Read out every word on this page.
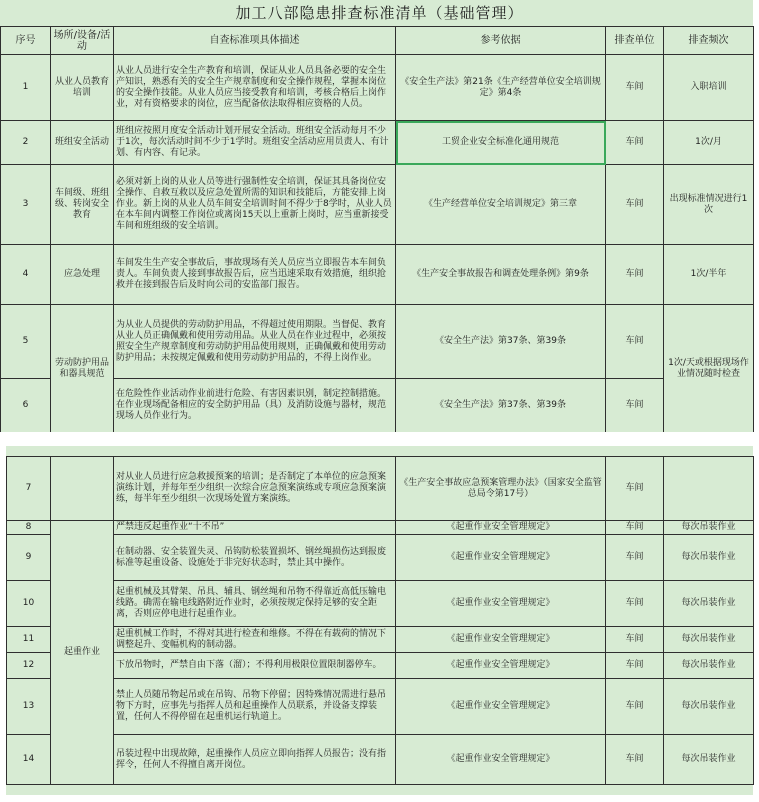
加工八部隐患排查标准清单（基础管理）
序号	场所/设备/活动	自查标准项具体描述	参考依据	排查单位	排查频次
1	从业人员教育培训	从业人员进行安全生产教育和培训，保证从业人员具备必要的安全生产知识，熟悉有关的安全生产规章制度和安全操作规程，掌握本岗位的安全操作技能。从业人员应当接受教育和培训，考核合格后上岗作业，对有资格要求的岗位，应当配备依法取得相应资格的人员。	《安全生产法》第21条《生产经营单位安全培训规定》第4条	车间	入职培训
2	班组安全活动	班组应按照月度安全活动计划开展安全活动。班组安全活动每月不少于1次，每次活动时间不少于1学时。班组安全活动应用员责人、有计划、有内容、有记录。	工贸企业安全标准化通用规范	车间	1次/月
3	车间级、班组级、转岗安全教育	必须对新上岗的从业人员等进行强制性安全培训，保证其具备岗位安全操作、自救互救以及应急处置所需的知识和技能后，方能安排上岗作业。新上岗的从业人员车间安全培训时间不得少于8学时，从业人员在本车间内调整工作岗位或离岗15天以上重新上岗时，应当重新接受车间和班组级的安全培训。	《生产经营单位安全培训规定》第三章	车间	出现标准情况进行1次
4	应急处理	车间发生生产安全事故后，事故现场有关人员应当立即报告本车间负责人。车间负责人接到事故报告后，应当迅速采取有效措施，组织抢救并在接到报告后及时向公司的安监部门报告。	《生产安全事故报告和调查处理条例》第9条	车间	1次/半年
5	劳动防护用品和器具规范	为从业人员提供的劳动防护用品，不得超过使用期限。当督促、教育从业人员正确佩戴和使用劳动用品。从业人员在作业过程中，必须按照安全生产规章制度和劳动防护用品使用规则，正确佩戴和使用劳动防护用品；未按规定佩戴和使用劳动防护用品的，不得上岗作业。	《安全生产法》第37条、第39条	车间	1次/天或根据现场作业情况随时检查
6		在危险性作业活动作业前进行危险、有害因素识别，制定控制措施。在作业现场配备相应的安全防护用品（具）及消防设施与器材，规范现场人员作业行为。	《安全生产法》第37条、第39条	车间	
7		对从业人员进行应急救援预案的培训；是否制定了本单位的应急预案演练计划，并每年至少组织一次综合应急预案演练或专项应急预案演练，每半年至少组织一次现场处置方案演练。	《生产安全事故应急预案管理办法》（国家安全监管总局令第17号）	车间	
8	起重作业	严禁违反起重作业“十不吊”	《起重作业安全管理规定》	车间	每次吊装作业
9		在制动器、安全装置失灵、吊钩防松装置损坏、钢丝绳损伤达到报废标准等起重设备、设施处于非完好状态时，禁止其中操作。	《起重作业安全管理规定》	车间	每次吊装作业
10		起重机械及其臂架、吊具、辅具、钢丝绳和吊物不得靠近高低压输电线路。确需在输电线路附近作业时，必须按规定保持足够的安全距离，否则应停电进行起重作业。	《起重作业安全管理规定》	车间	每次吊装作业
11		起重机械工作时，不得对其进行检查和维修。不得在有载荷的情况下调整起升、变幅机构的制动器。	《起重作业安全管理规定》	车间	每次吊装作业
12		下放吊物时，严禁自由下落（溜）；不得利用极限位置限制器停车。	《起重作业安全管理规定》	车间	每次吊装作业
13		禁止人员随吊物起吊或在吊钩、吊物下停留；因特殊情况需进行悬吊物下方时，应事先与指挥人员和起重操作人员联系，并设备支撑装置，任何人不得停留在起重机运行轨道上。	《起重作业安全管理规定》	车间	每次吊装作业
14		吊装过程中出现故障，起重操作人员应立即向指挥人员报告；没有指挥令，任何人不得擅自离开岗位。	《起重作业安全管理规定》	车间	每次吊装作业
